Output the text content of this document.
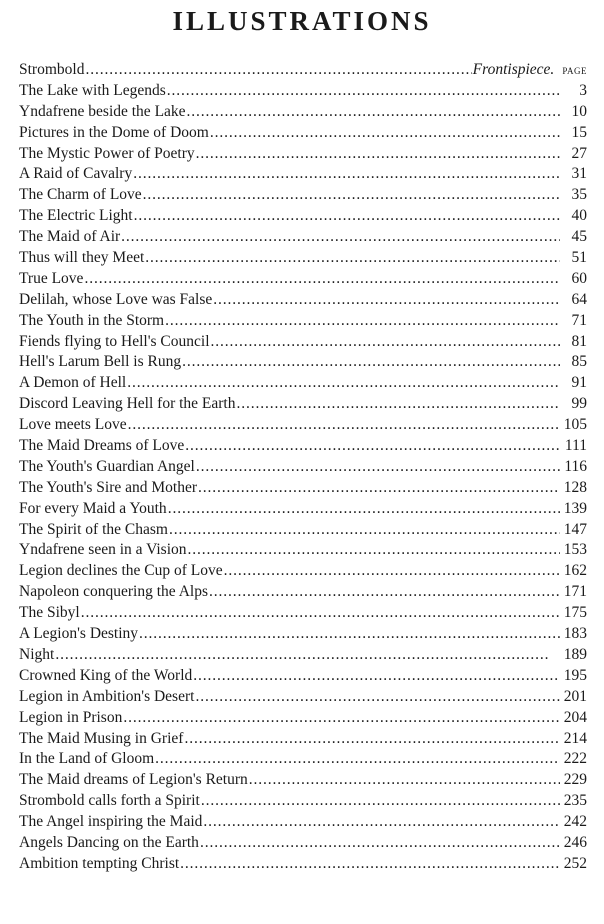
ILLUSTRATIONS
Strombold . . .	Frontispiece. PAGE
The Lake with Legends . . .	3
Yndafrene beside the Lake . . .	10
Pictures in the Dome of Doom . . .	15
The Mystic Power of Poetry . . .	27
A Raid of Cavalry . . .	31
The Charm of Love . . .	35
The Electric Light . . .	40
The Maid of Air . . .	45
Thus will they Meet . . .	51
True Love . . .	60
Delilah, whose Love was False . . .	64
The Youth in the Storm . . .	71
Fiends flying to Hell's Council . . .	81
Hell's Larum Bell is Rung . . .	85
A Demon of Hell . . .	91
Discord Leaving Hell for the Earth . . .	99
Love meets Love . . .	105
The Maid Dreams of Love . . .	111
The Youth's Guardian Angel . . .	116
The Youth's Sire and Mother . . .	128
For every Maid a Youth . . .	139
The Spirit of the Chasm . . .	147
Yndafrene seen in a Vision . . .	153
Legion declines the Cup of Love . . .	162
Napoleon conquering the Alps . . .	171
The Sibyl . . .	175
A Legion's Destiny . . .	183
Night . . .	189
Crowned King of the World . . .	195
Legion in Ambition's Desert . . .	201
Legion in Prison . . .	204
The Maid Musing in Grief . . .	214
In the Land of Gloom . . .	222
The Maid dreams of Legion's Return . . .	229
Strombold calls forth a Spirit . . .	235
The Angel inspiring the Maid . . .	242
Angels Dancing on the Earth . . .	246
Ambition tempting Christ . . .	252
